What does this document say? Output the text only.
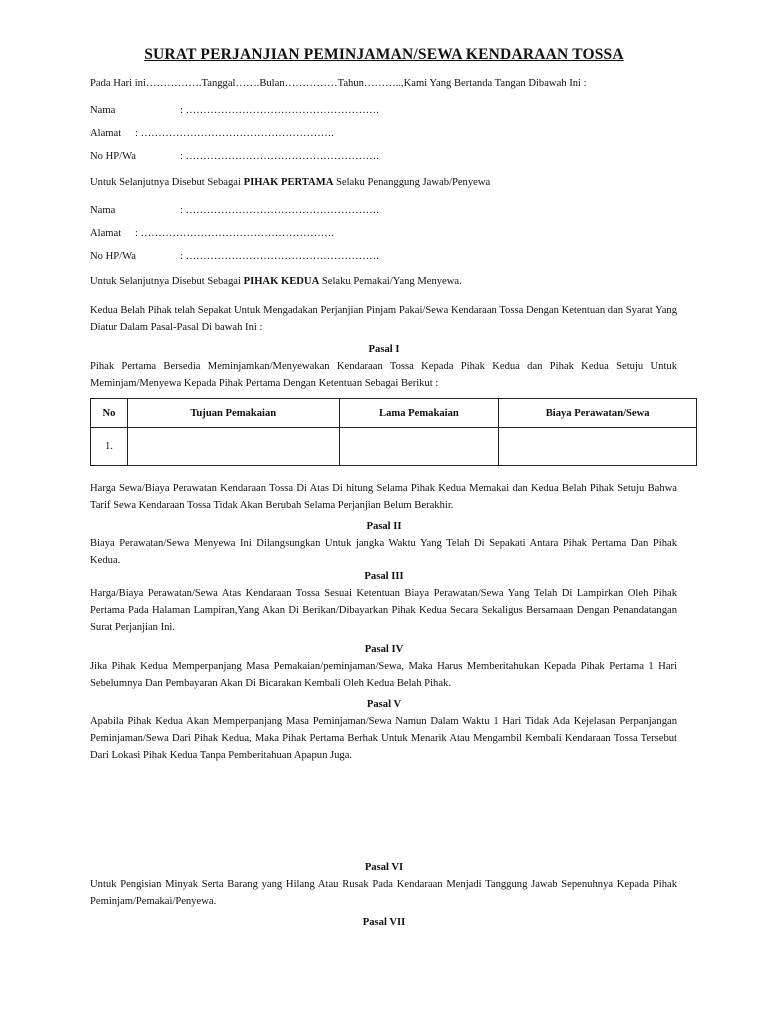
SURAT PERJANJIAN PEMINJAMAN/SEWA KENDARAAN TOSSA
Pada Hari ini…………….Tanggal…….Bulan……………Tahun………..,Kami Yang Bertanda Tangan Dibawah Ini :
Nama	: ……………………………………………….
Alamat : ……………………………………………….
No HP/Wa	: ……………………………………………….
Untuk Selanjutnya Disebut Sebagai PIHAK PERTAMA Selaku Penanggung Jawab/Penyewa
Nama	: ……………………………………………….
Alamat : ……………………………………………….
No HP/Wa	: ……………………………………………….
Untuk Selanjutnya Disebut Sebagai PIHAK KEDUA Selaku Pemakai/Yang Menyewa.
Kedua Belah Pihak telah Sepakat Untuk Mengadakan Perjanjian Pinjam Pakai/Sewa Kendaraan Tossa Dengan Ketentuan dan Syarat Yang Diatur Dalam Pasal-Pasal Di bawah Ini :
Pasal I
Pihak Pertama Bersedia Meminjamkan/Menyewakan Kendaraan Tossa Kepada Pihak Kedua dan Pihak Kedua Setuju Untuk Meminjam/Menyewa Kepada Pihak Pertama Dengan Ketentuan Sebagai Berikut :
No	Tujuan Pemakaian	Lama Pemakaian	Biaya Perawatan/Sewa
1.			
Harga Sewa/Biaya Perawatan Kendaraan Tossa Di Atas Di hitung Selama Pihak Kedua Memakai dan Kedua Belah Pihak Setuju Bahwa Tarif Sewa Kendaraan Tossa Tidak Akan Berubah Selama Perjanjian Belum Berakhir.
Pasal II
Biaya Perawatan/Sewa Menyewa Ini Dilangsungkan Untuk jangka Waktu Yang Telah Di Sepakati Antara Pihak Pertama Dan Pihak Kedua.
Pasal III
Harga/Biaya Perawatan/Sewa Atas Kendaraan Tossa Sesuai Ketentuan Biaya Perawatan/Sewa Yang Telah Di Lampirkan Oleh Pihak Pertama Pada Halaman Lampiran,Yang Akan Di Berikan/Dibayarkan Pihak Kedua Secara Sekaligus Bersamaan Dengan Penandatangan Surat Perjanjian Ini.
Pasal IV
Jika Pihak Kedua Memperpanjang Masa Pemakaian/peminjaman/Sewa, Maka Harus Memberitahukan Kepada Pihak Pertama 1 Hari Sebelumnya Dan Pembayaran Akan Di Bicarakan Kembali Oleh Kedua Belah Pihak.
Pasal V
Apabila Pihak Kedua Akan Memperpanjang Masa Peminjaman/Sewa Namun Dalam Waktu 1 Hari Tidak Ada Kejelasan Perpanjangan Peminjaman/Sewa Dari Pihak Kedua, Maka Pihak Pertama Berhak Untuk Menarik Atau Mengambil Kembali Kendaraan Tossa Tersebut Dari Lokasi Pihak Kedua Tanpa Pemberitahuan Apapun Juga.
Pasal VI
Untuk Pengisian Minyak Serta Barang yang Hilang Atau Rusak Pada Kendaraan Menjadi Tanggung Jawab Sepenuhnya Kepada Pihak Peminjam/Pemakai/Penyewa.
Pasal VII
